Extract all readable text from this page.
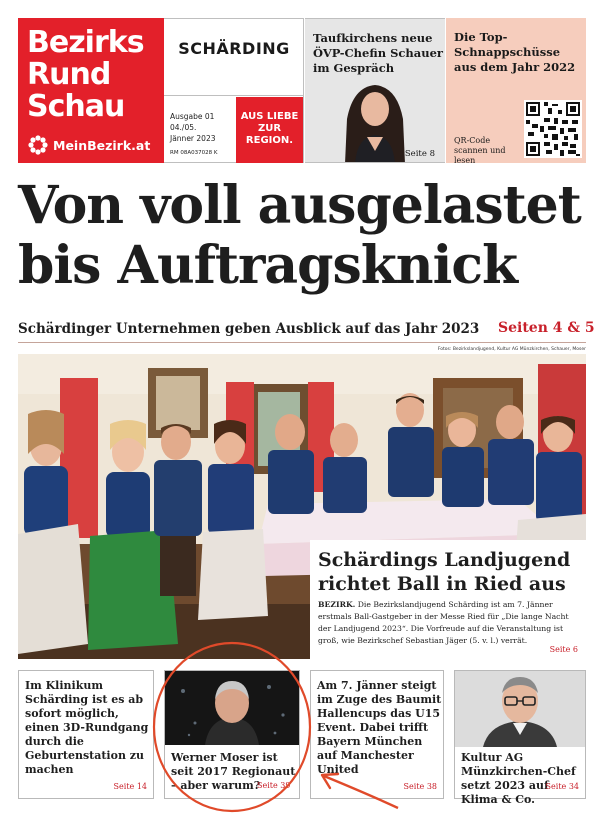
Bezirks
Rund
Schau
MeinBezirk.at
SCHÄRDING
Ausgabe 01
04./05.
Jänner 2023
RM 08A037028 K
AUS LIEBE
ZUR
REGION.
Taufkirchens neue ÖVP-Chefin Schauer im Gespräch
Seite 8
Die Top-Schnappschüsse aus dem Jahr 2022
QR-Code scannen und lesen
Von voll ausgelastet
bis Auftragsknick
Schärdinger Unternehmen geben Ausblick auf das Jahr 2023 Seiten 4 & 5
Fotos: Bezirkslandjugend, Kultur AG Münzkirchen, Schauer, Moser
Schärdings Landjugend
richtet Ball in Ried aus
BEZIRK. Die Bezirkslandjugend Schärding ist am 7. Jänner erstmals Ball-Gastgeber in der Messe Ried für „Die lange Nacht der Landjugend 2023“. Die Vorfreude auf die Veranstaltung ist groß, wie Bezirkschef Sebastian Jäger (5. v. l.) verrät.
Seite 6
Im Klinikum Schärding ist es ab sofort möglich, einen 3D-Rundgang durch die Geburtenstation zu machen
Seite 14
Werner Moser ist seit 2017 Regionaut – aber warum?
Seite 39
Am 7. Jänner steigt im Zuge des Baumit Hallencups das U15 Event. Dabei trifft Bayern München auf Manchester United
Seite 38
Kultur AG Münzkirchen-Chef setzt 2023 auf Klima & Co.
Seite 34
